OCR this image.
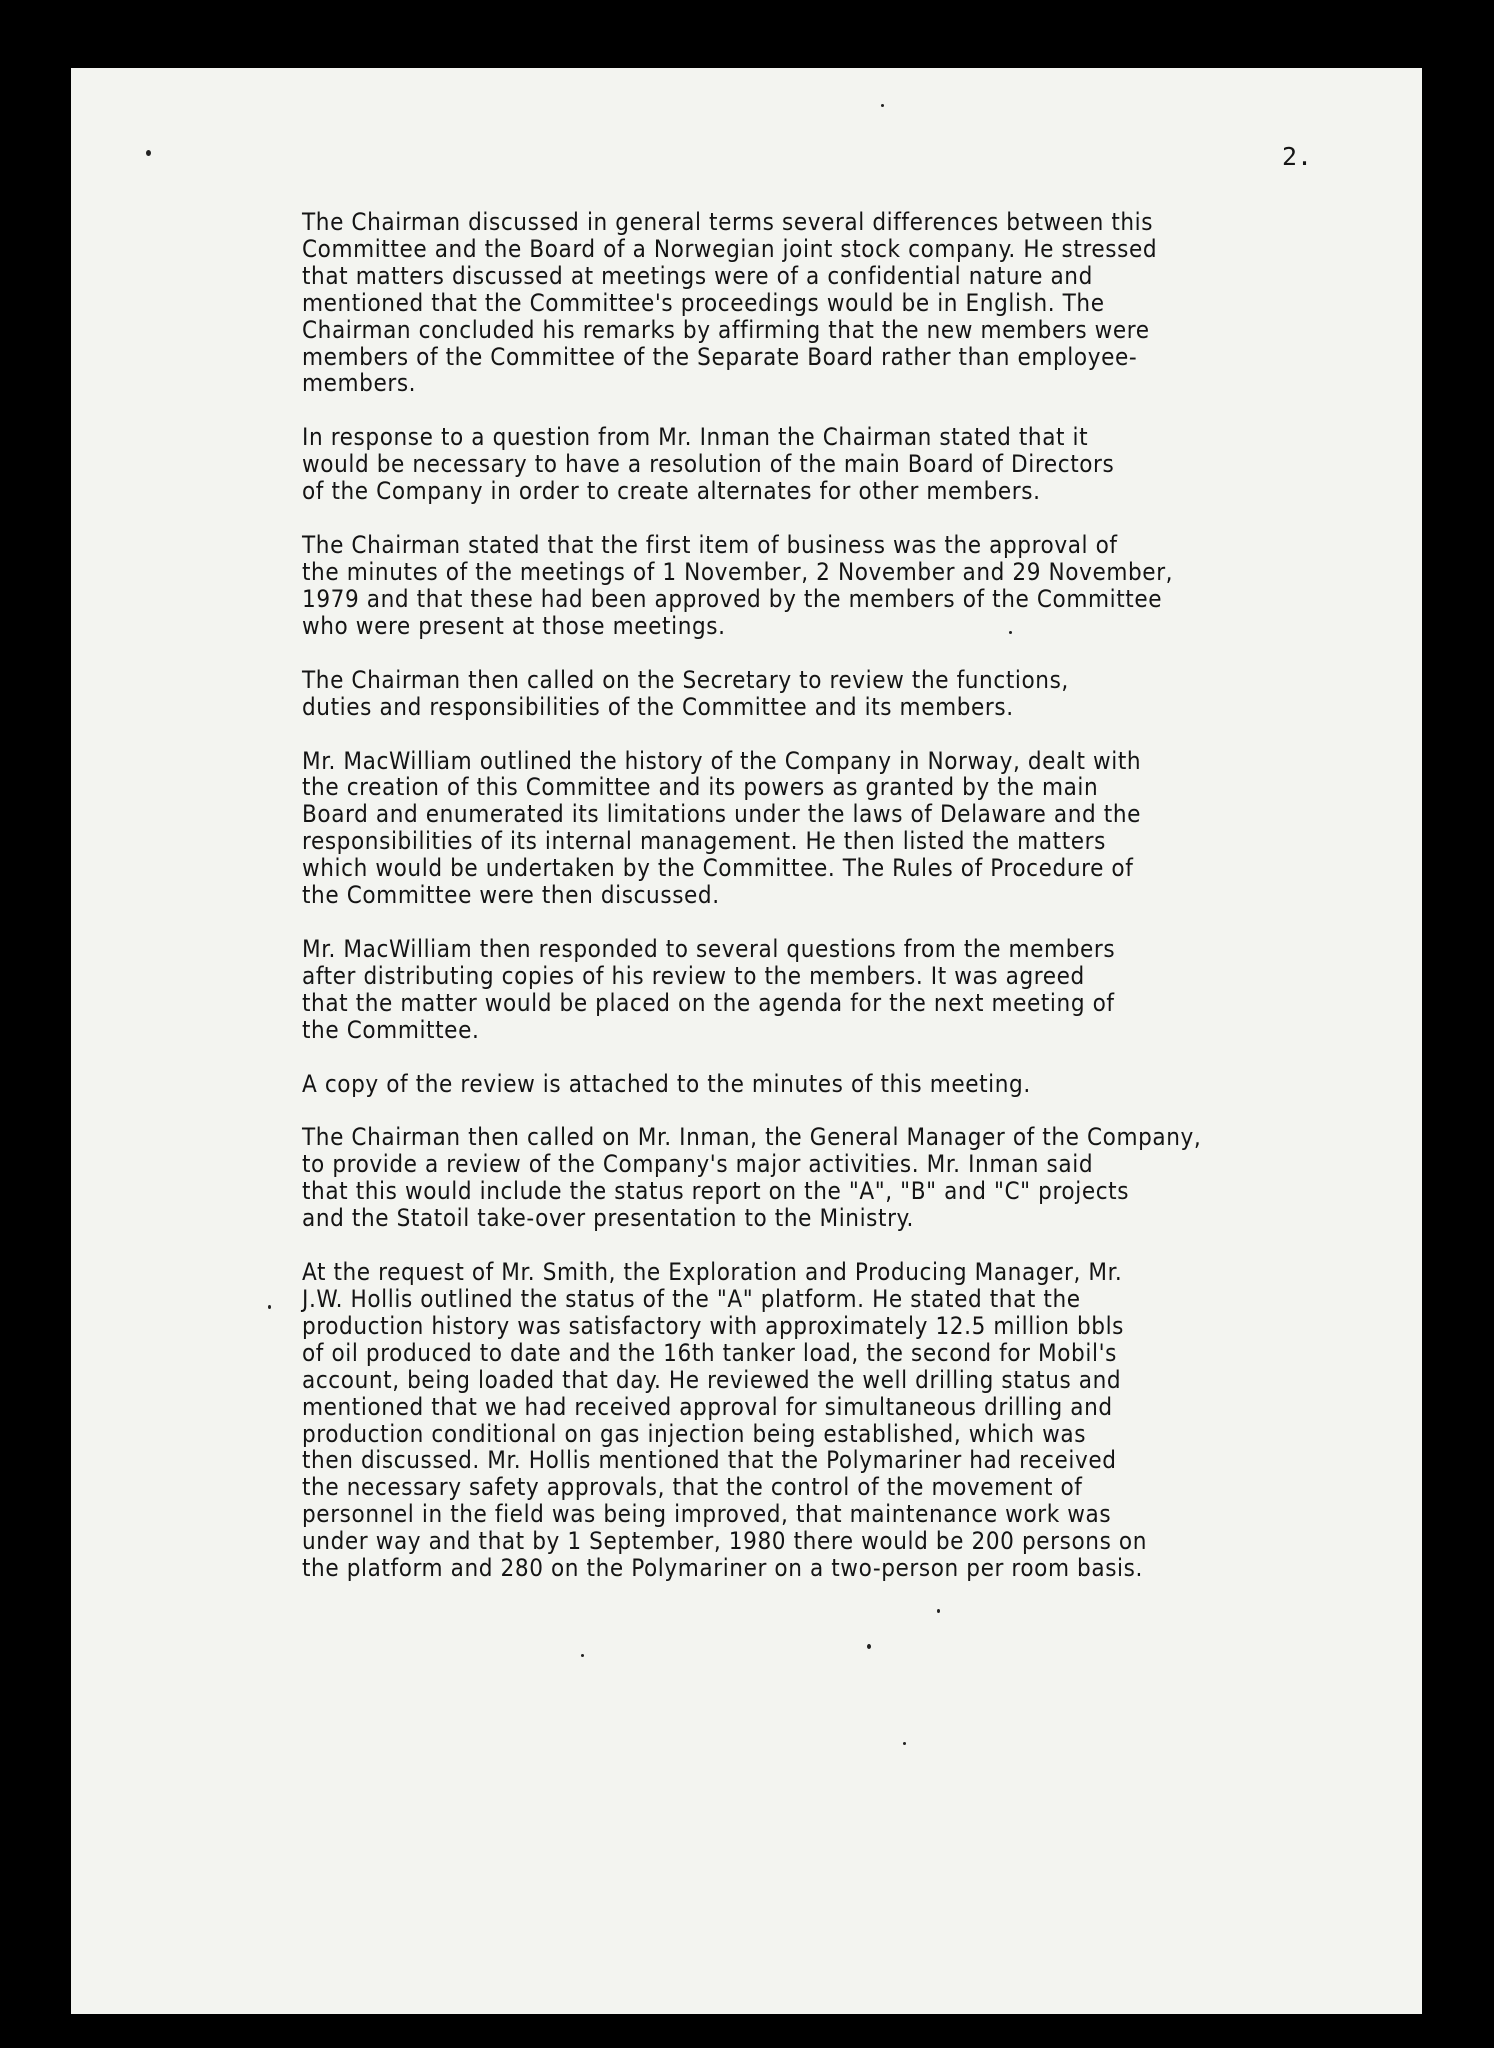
2.

The Chairman discussed in general terms several differences between this
Committee and the Board of a Norwegian joint stock company. He stressed
that matters discussed at meetings were of a confidential nature and
mentioned that the Committee's proceedings would be in English. The
Chairman concluded his remarks by affirming that the new members were
members of the Committee of the Separate Board rather than employee-
members.

In response to a question from Mr. Inman the Chairman stated that it
would be necessary to have a resolution of the main Board of Directors
of the Company in order to create alternates for other members.

The Chairman stated that the first item of business was the approval of
the minutes of the meetings of 1 November, 2 November and 29 November,
1979 and that these had been approved by the members of the Committee
who were present at those meetings.

The Chairman then called on the Secretary to review the functions,
duties and responsibilities of the Committee and its members.

Mr. MacWilliam outlined the history of the Company in Norway, dealt with
the creation of this Committee and its powers as granted by the main
Board and enumerated its limitations under the laws of Delaware and the
responsibilities of its internal management. He then listed the matters
which would be undertaken by the Committee. The Rules of Procedure of
the Committee were then discussed.

Mr. MacWilliam then responded to several questions from the members
after distributing copies of his review to the members. It was agreed
that the matter would be placed on the agenda for the next meeting of
the Committee.

A copy of the review is attached to the minutes of this meeting.

The Chairman then called on Mr. Inman, the General Manager of the Company,
to provide a review of the Company's major activities. Mr. Inman said
that this would include the status report on the "A", "B" and "C" projects
and the Statoil take-over presentation to the Ministry.

At the request of Mr. Smith, the Exploration and Producing Manager, Mr.
J.W. Hollis outlined the status of the "A" platform. He stated that the
production history was satisfactory with approximately 12.5 million bbls
of oil produced to date and the 16th tanker load, the second for Mobil's
account, being loaded that day. He reviewed the well drilling status and
mentioned that we had received approval for simultaneous drilling and
production conditional on gas injection being established, which was
then discussed. Mr. Hollis mentioned that the Polymariner had received
the necessary safety approvals, that the control of the movement of
personnel in the field was being improved, that maintenance work was
under way and that by 1 September, 1980 there would be 200 persons on
the platform and 280 on the Polymariner on a two-person per room basis.
